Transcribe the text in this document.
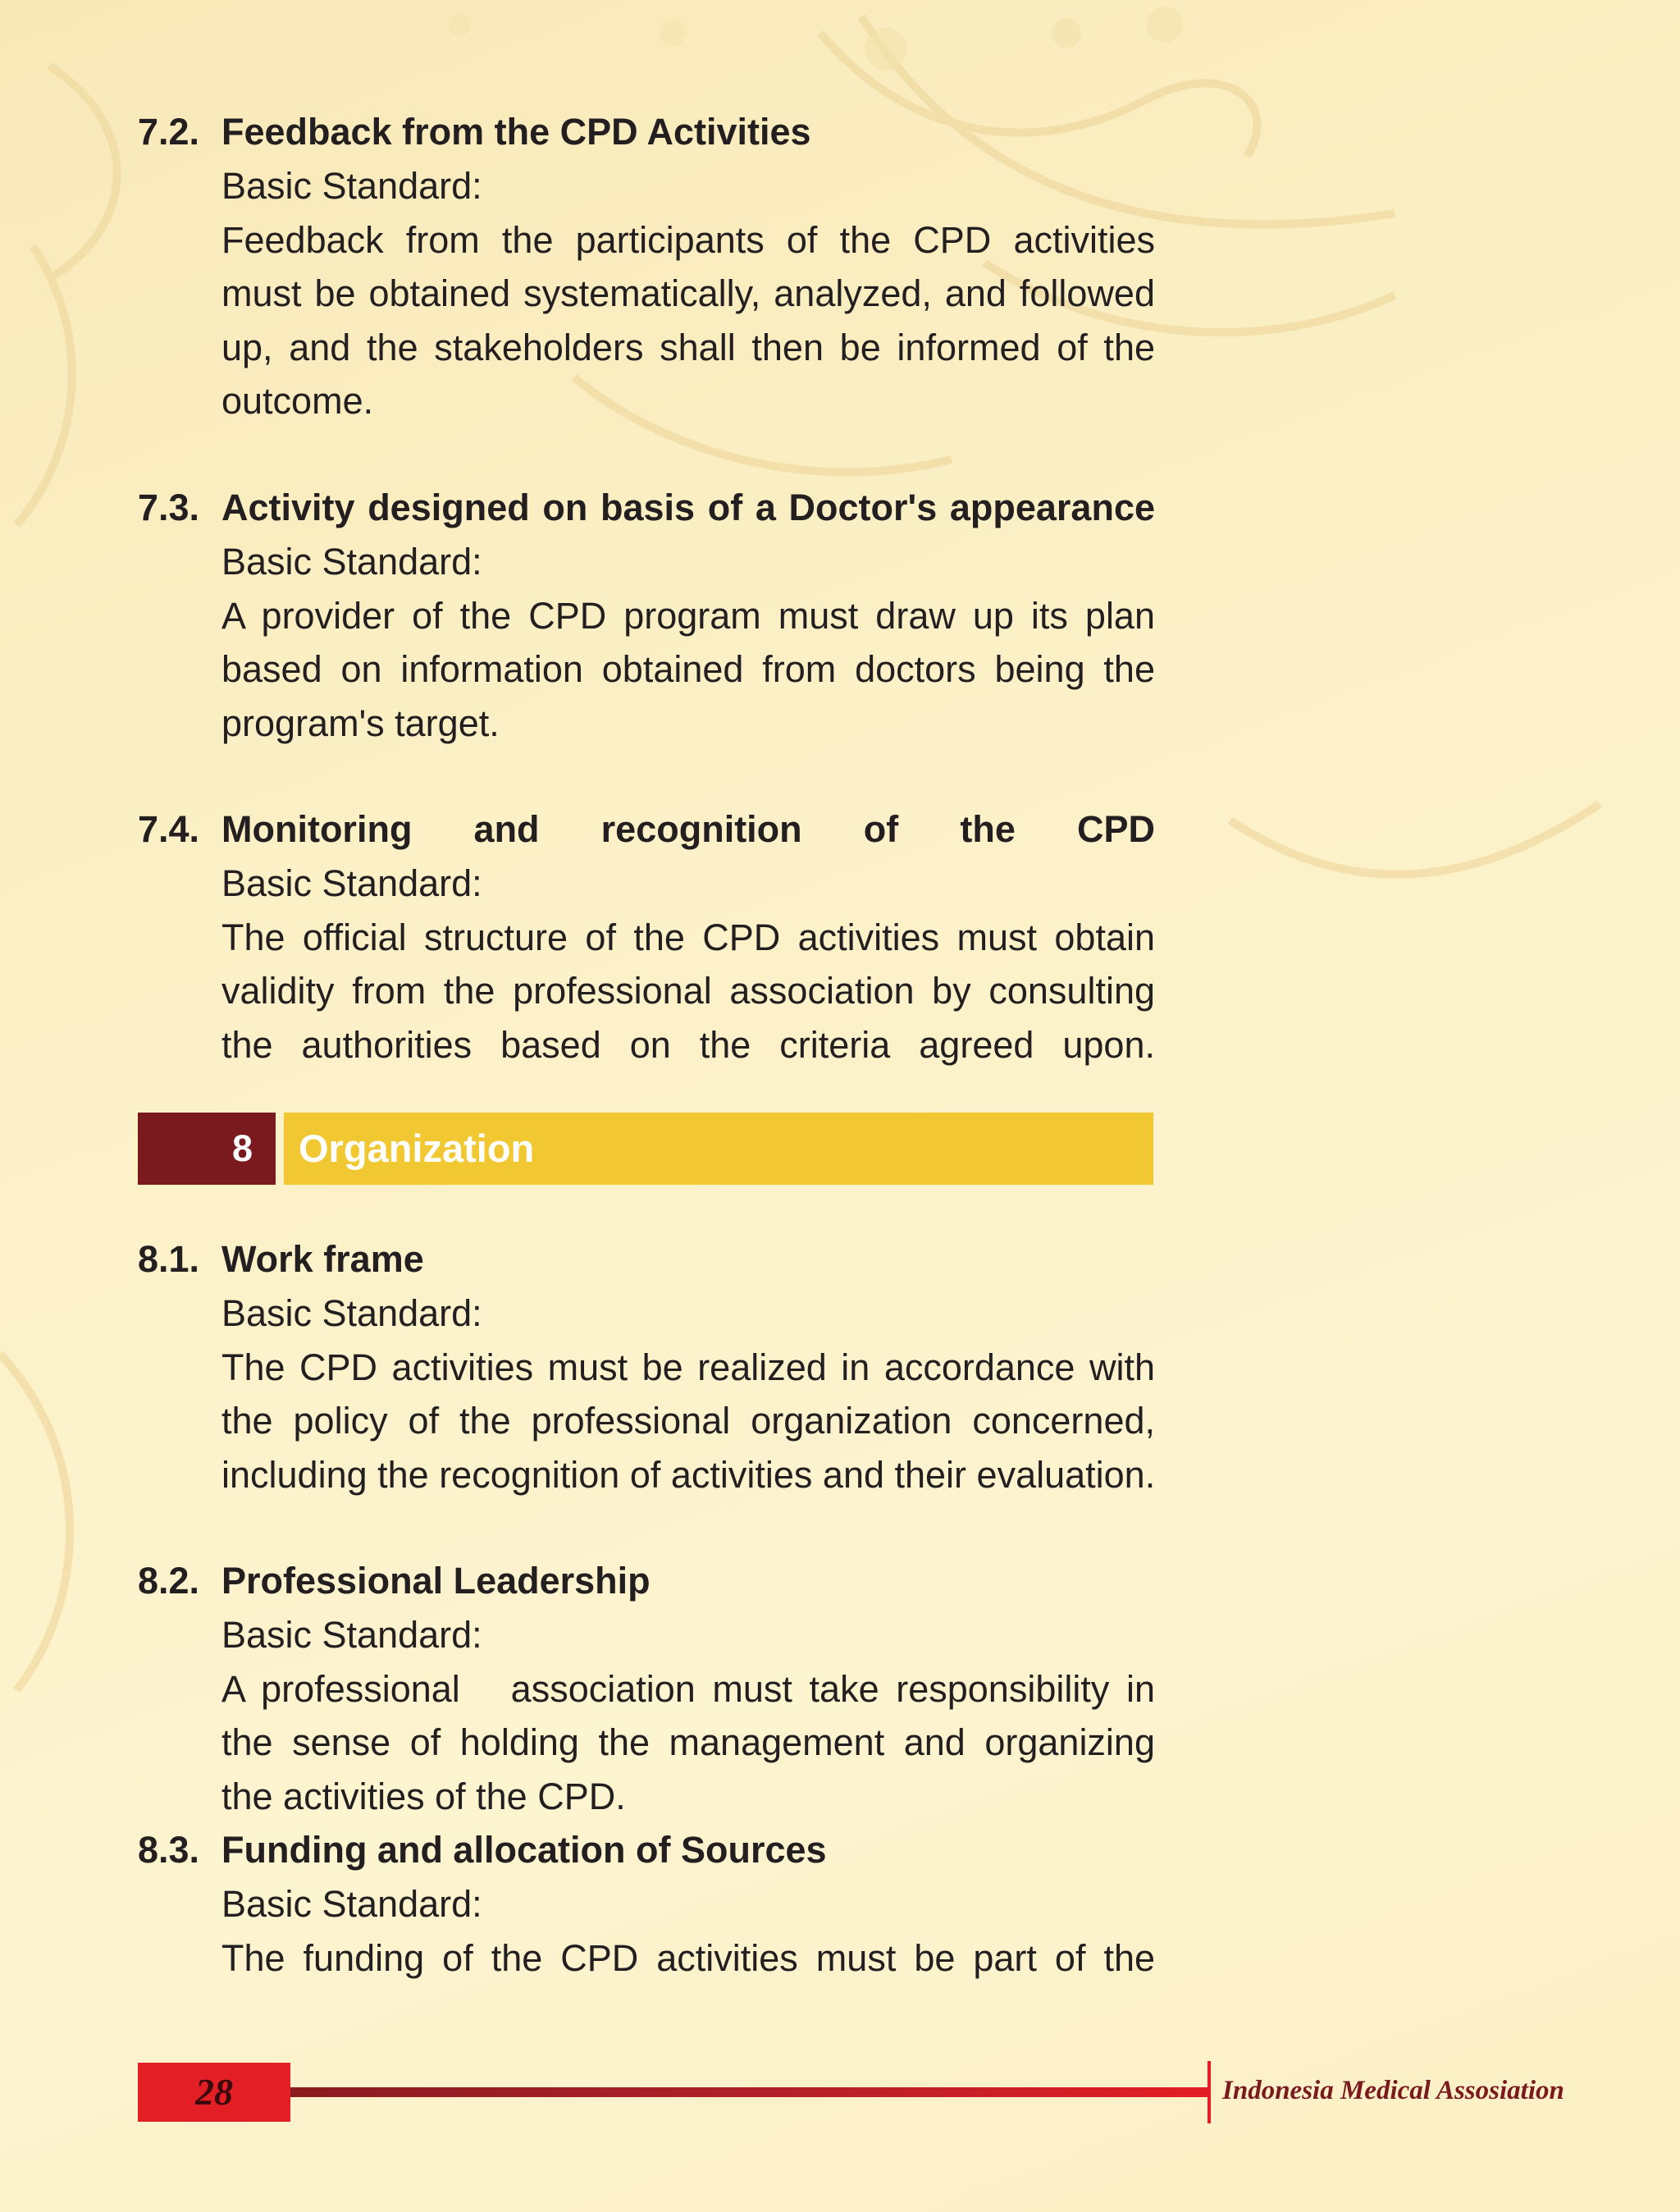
7.2. Feedback from the CPD Activities
Basic Standard:
Feedback from the participants of the CPD activities
must be obtained systematically, analyzed, and followed
up, and the stakeholders shall then be informed of the
outcome.
7.3. Activity designed on basis of a Doctor's appearance
Basic Standard:
A provider of the CPD program must draw up its plan
based on information obtained from doctors being the
program's target.
7.4. Monitoring and recognition of the CPD
Basic Standard:
The official structure of the CPD activities must obtain
validity from the professional association by consulting
the authorities based on the criteria agreed upon.
8	Organization
8.1. Work frame
Basic Standard:
The CPD activities must be realized in accordance with
the policy of the professional organization concerned,
including the recognition of activities and their evaluation.
8.2. Professional Leadership
Basic Standard:
A professional   association must take responsibility in
the sense of holding the management and organizing
the activities of the CPD.
8.3. Funding and allocation of Sources
Basic Standard:
The funding of the CPD activities must be part of the
28	Indonesia Medical Assosiation
